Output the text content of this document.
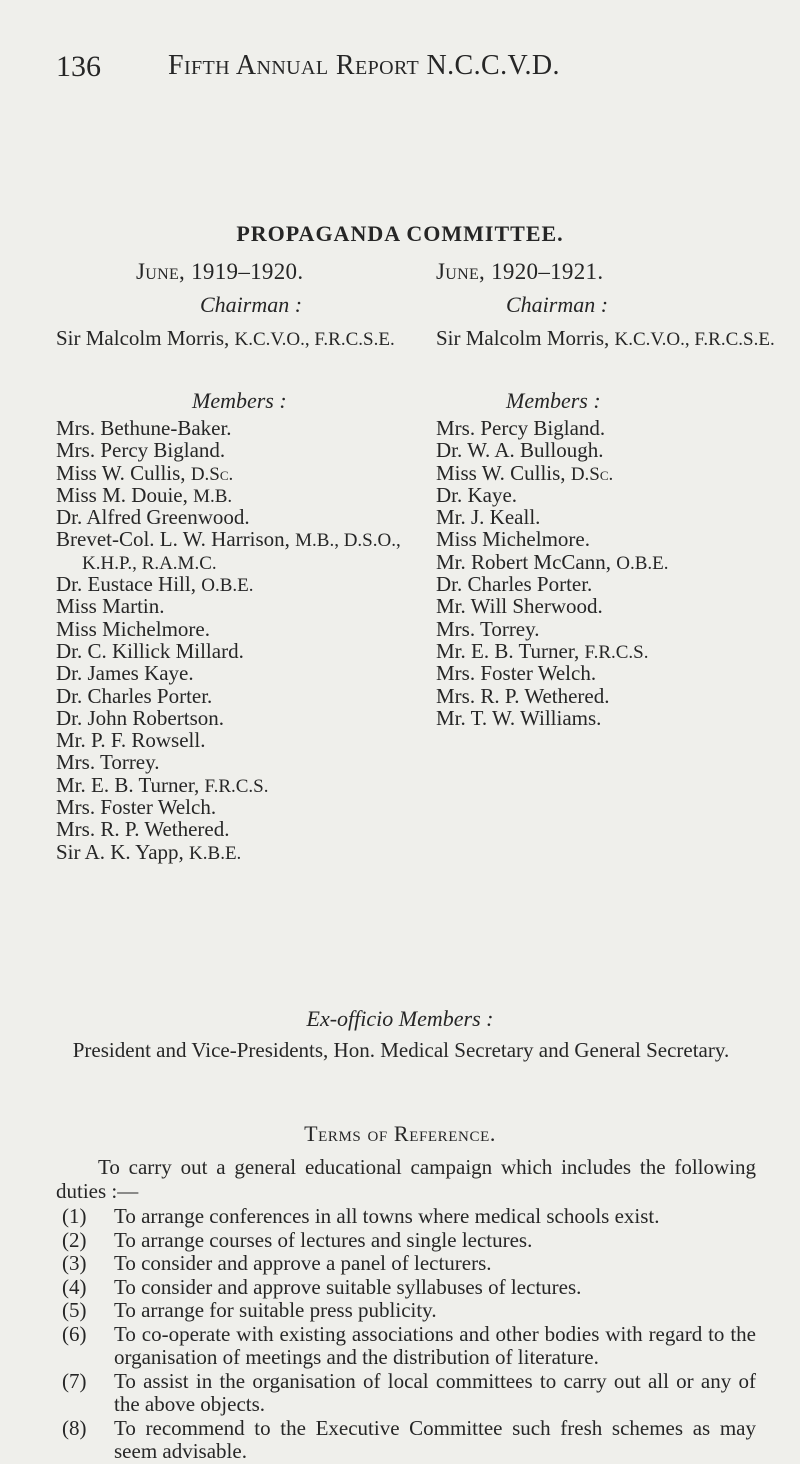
136 Fifth Annual Report N.C.C.V.D.
PROPAGANDA COMMITTEE.
June, 1919–1920.
Chairman :
Sir Malcolm Morris, K.C.V.O., F.R.C.S.E.
Members :
Mrs. Bethune-Baker.
Mrs. Percy Bigland.
Miss W. Cullis, D.Sc.
Miss M. Douie, M.B.
Dr. Alfred Greenwood.
Brevet-Col. L. W. Harrison, M.B., D.S.O.,
K.H.P., R.A.M.C.
Dr. Eustace Hill, O.B.E.
Miss Martin.
Miss Michelmore.
Dr. C. Killick Millard.
Dr. James Kaye.
Dr. Charles Porter.
Dr. John Robertson.
Mr. P. F. Rowsell.
Mrs. Torrey.
Mr. E. B. Turner, F.R.C.S.
Mrs. Foster Welch.
Mrs. R. P. Wethered.
Sir A. K. Yapp, K.B.E.
June, 1920–1921.
Chairman :
Sir Malcolm Morris, K.C.V.O., F.R.C.S.E.
Members :
Mrs. Percy Bigland.
Dr. W. A. Bullough.
Miss W. Cullis, D.Sc.
Dr. Kaye.
Mr. J. Keall.
Miss Michelmore.
Mr. Robert McCann, O.B.E.
Dr. Charles Porter.
Mr. Will Sherwood.
Mrs. Torrey.
Mr. E. B. Turner, F.R.C.S.
Mrs. Foster Welch.
Mrs. R. P. Wethered.
Mr. T. W. Williams.
Ex-officio Members :
President and Vice-Presidents, Hon. Medical Secretary and General Secretary.
Terms of Reference.
To carry out a general educational campaign which includes the following duties :—
(1) To arrange conferences in all towns where medical schools exist.
(2) To arrange courses of lectures and single lectures.
(3) To consider and approve a panel of lecturers.
(4) To consider and approve suitable syllabuses of lectures.
(5) To arrange for suitable press publicity.
(6) To co-operate with existing associations and other bodies with regard to the organisation of meetings and the distribution of literature.
(7) To assist in the organisation of local committees to carry out all or any of the above objects.
(8) To recommend to the Executive Committee such fresh schemes as may seem advisable.
